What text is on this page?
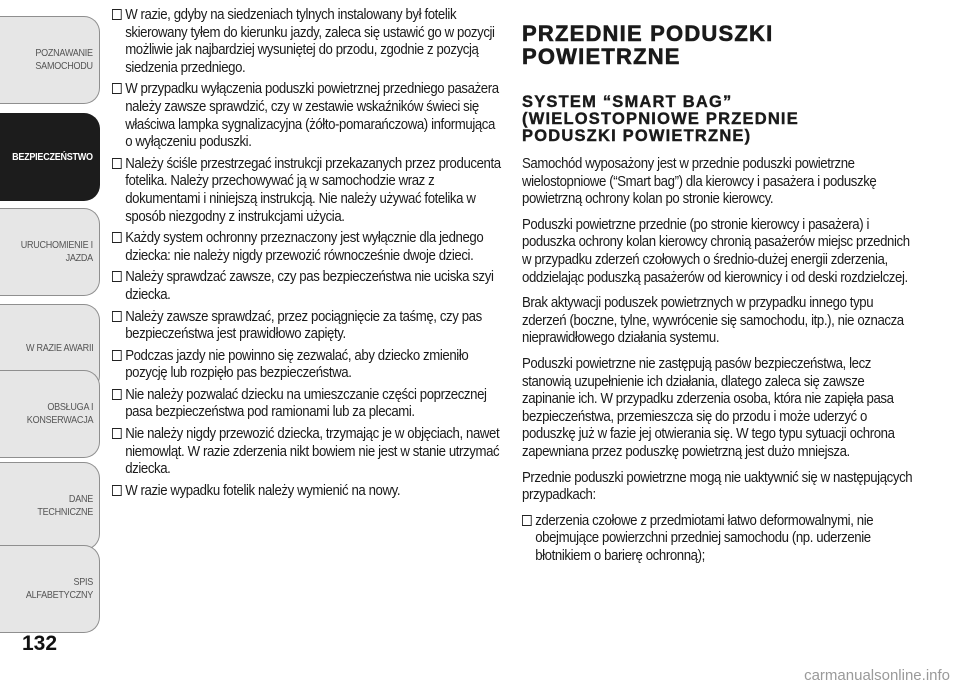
POZNAWANIE
SAMOCHODU
BEZPIECZEŃSTWO
URUCHOMIENIE I
JAZDA
W RAZIE AWARII
OBSŁUGA I
KONSERWACJA
DANE TECHNICZNE
SPIS ALFABETYCZNY
132
W razie, gdyby na siedzeniach tylnych instalowany był fotelik skierowany tyłem do kierunku jazdy, zaleca się ustawić go w pozycji możliwie jak najbardziej wysuniętej do przodu, zgodnie z pozycją siedzenia przedniego.
W przypadku wyłączenia poduszki powietrznej przedniego pasażera należy zawsze sprawdzić, czy w zestawie wskaźników świeci się właściwa lampka sygnalizacyjna (żółto-pomarańczowa) informująca o wyłączeniu poduszki.
Należy ściśle przestrzegać instrukcji przekazanych przez producenta fotelika. Należy przechowywać ją w samochodzie wraz z dokumentami i niniejszą instrukcją. Nie należy używać fotelika w sposób niezgodny z instrukcjami użycia.
Każdy system ochronny przeznaczony jest wyłącznie dla jednego dziecka: nie należy nigdy przewozić równocześnie dwoje dzieci.
Należy sprawdzać zawsze, czy pas bezpieczeństwa nie uciska szyi dziecka.
Należy zawsze sprawdzać, przez pociągnięcie za taśmę, czy pas bezpieczeństwa jest prawidłowo zapięty.
Podczas jazdy nie powinno się zezwalać, aby dziecko zmieniło pozycję lub rozpięło pas bezpieczeństwa.
Nie należy pozwalać dziecku na umieszczanie części poprzecznej pasa bezpieczeństwa pod ramionami lub za plecami.
Nie należy nigdy przewozić dziecka, trzymając je w objęciach, nawet niemowląt. W razie zderzenia nikt bowiem nie jest w stanie utrzymać dziecka.
W razie wypadku fotelik należy wymienić na nowy.
PRZEDNIE PODUSZKI
POWIETRZNE
SYSTEM “SMART BAG”
(WIELOSTOPNIOWE PRZEDNIE
PODUSZKI POWIETRZNE)

Samochód wyposażony jest w przednie poduszki powietrzne wielostopniowe (“Smart bag”) dla kierowcy i pasażera i poduszkę powietrzną ochrony kolan po stronie kierowcy.

Poduszki powietrzne przednie (po stronie kierowcy i pasażera) i poduszka ochrony kolan kierowcy chronią pasażerów miejsc przednich w przypadku zderzeń czołowych o średnio-dużej energii zderzenia, oddzielając poduszką pasażerów od kierownicy i od deski rozdzielczej.

Brak aktywacji poduszek powietrznych w przypadku innego typu zderzeń (boczne, tylne, wywrócenie się samochodu, itp.), nie oznacza nieprawidłowego działania systemu.

Poduszki powietrzne nie zastępują pasów bezpieczeństwa, lecz stanowią uzupełnienie ich działania, dlatego zaleca się zawsze zapinanie ich. W przypadku zderzenia osoba, która nie zapięła pasa bezpieczeństwa, przemieszcza się do przodu i może uderzyć o poduszkę już w fazie jej otwierania się. W tego typu sytuacji ochrona zapewniana przez poduszkę powietrzną jest dużo mniejsza.

Przednie poduszki powietrzne mogą nie uaktywnić się w następujących przypadkach:

zderzenia czołowe z przedmiotami łatwo deformowalnymi, nie obejmujące powierzchni przedniej samochodu (np. uderzenie błotnikiem o barierę ochronną);
carmanualsonline.info
